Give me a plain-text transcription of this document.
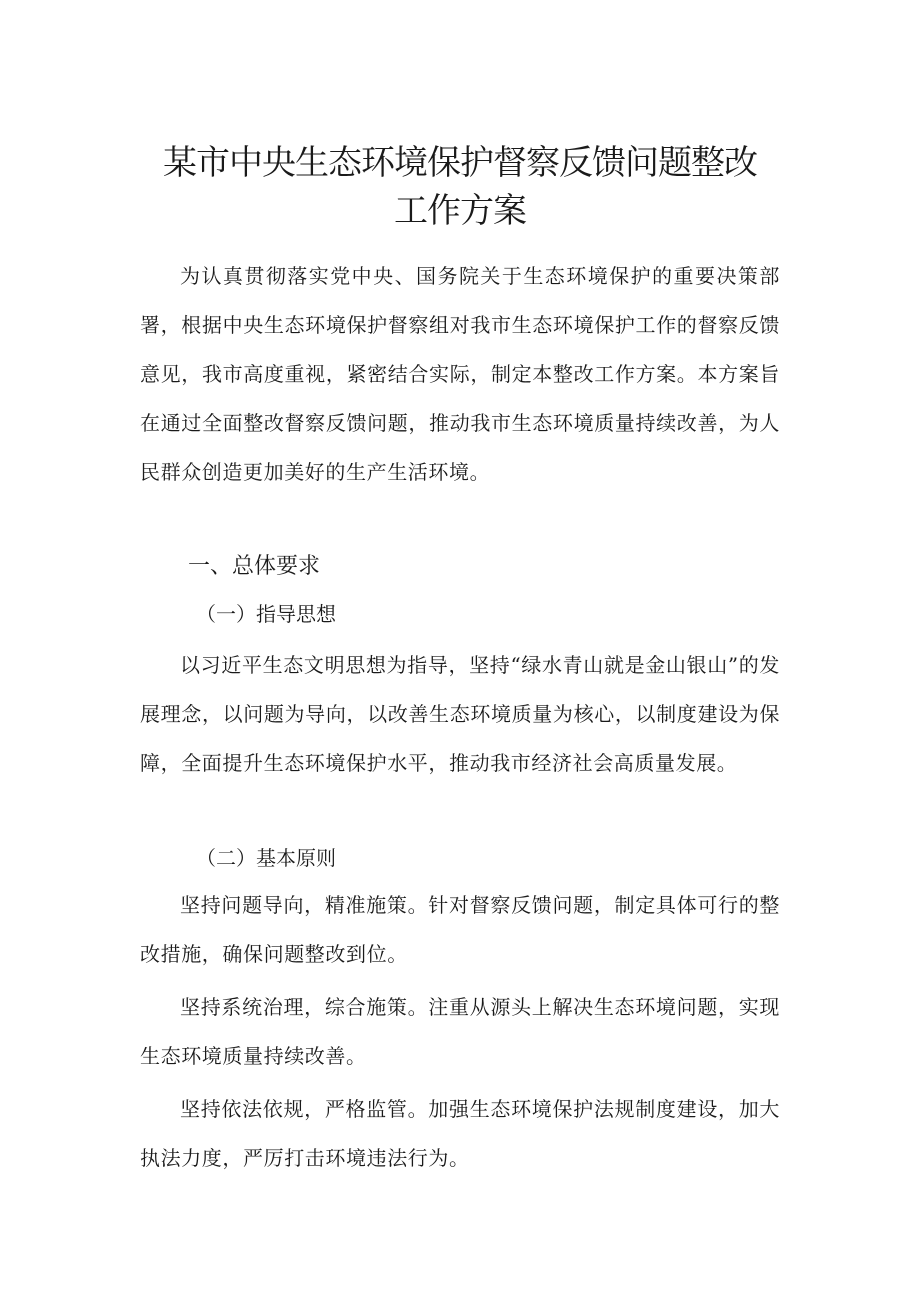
某市中央生态环境保护督察反馈问题整改
工作方案

为认真贯彻落实党中央、国务院关于生态环境保护的重要决策部署，根据中央生态环境保护督察组对我市生态环境保护工作的督察反馈意见，我市高度重视，紧密结合实际，制定本整改工作方案。本方案旨在通过全面整改督察反馈问题，推动我市生态环境质量持续改善，为人民群众创造更加美好的生产生活环境。

一、总体要求
（一）指导思想

以习近平生态文明思想为指导，坚持“绿水青山就是金山银山”的发展理念，以问题为导向，以改善生态环境质量为核心，以制度建设为保障，全面提升生态环境保护水平，推动我市经济社会高质量发展。

（二）基本原则

坚持问题导向，精准施策。针对督察反馈问题，制定具体可行的整改措施，确保问题整改到位。

坚持系统治理，综合施策。注重从源头上解决生态环境问题，实现生态环境质量持续改善。

坚持依法依规，严格监管。加强生态环境保护法规制度建设，加大执法力度，严厉打击环境违法行为。
